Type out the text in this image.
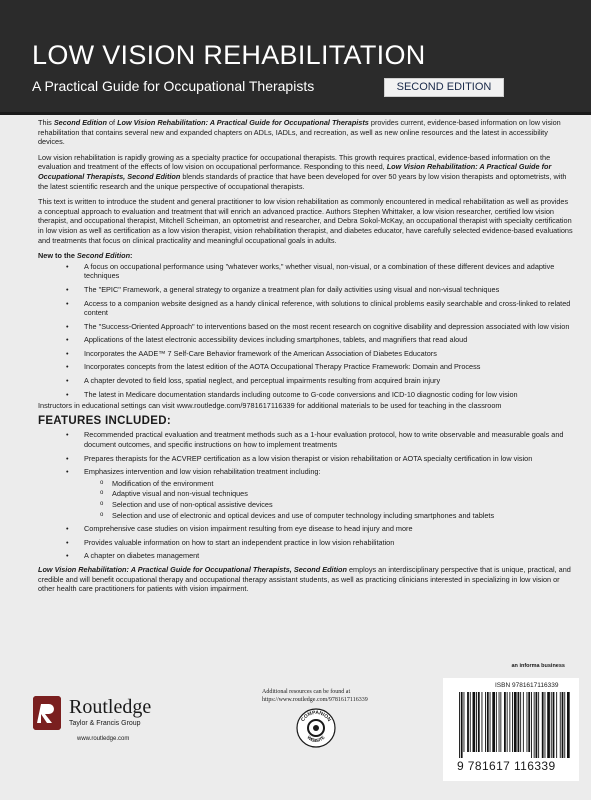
LOW VISION REHABILITATION
A Practical Guide for Occupational Therapists	SECOND EDITION

This Second Edition of Low Vision Rehabilitation: A Practical Guide for Occupational Therapists provides current, evidence-based information on low vision rehabilitation that contains several new and expanded chapters on ADLs, IADLs, and recreation, as well as new online resources and the latest in accessibility devices.

Low vision rehabilitation is rapidly growing as a specialty practice for occupational therapists. This growth requires practical, evidence-based information on the evaluation and treatment of the effects of low vision on occupational performance. Responding to this need, Low Vision Rehabilitation: A Practical Guide for Occupational Therapists, Second Edition blends standards of practice that have been developed for over 50 years by low vision therapists and optometrists, with the latest scientific research and the unique perspective of occupational therapists.

This text is written to introduce the student and general practitioner to low vision rehabilitation as commonly encountered in medical rehabilitation as well as provides a conceptual approach to evaluation and treatment that will enrich an advanced practice. Authors Stephen Whittaker, a low vision researcher, certified low vision therapist, and occupational therapist, Mitchell Scheiman, an optometrist and researcher, and Debra Sokol-McKay, an occupational therapist with specialty certification in low vision as well as certification as a low vision therapist, vision rehabilitation therapist, and diabetes educator, have carefully selected evidence-based evaluations and treatments that focus on clinical practicality and meaningful occupational goals in adults.

New to the Second Edition:
• A focus on occupational performance using "whatever works," whether visual, non-visual, or a combination of these different devices and adaptive techniques
• The "EPIC" Framework, a general strategy to organize a treatment plan for daily activities using visual and non-visual techniques
• Access to a companion website designed as a handy clinical reference, with solutions to clinical problems easily searchable and cross-linked to related content
• The "Success-Oriented Approach" to interventions based on the most recent research on cognitive disability and depression associated with low vision
• Applications of the latest electronic accessibility devices including smartphones, tablets, and magnifiers that read aloud
• Incorporates the AADE™ 7 Self-Care Behavior framework of the American Association of Diabetes Educators
• Incorporates concepts from the latest edition of the AOTA Occupational Therapy Practice Framework: Domain and Process
• A chapter devoted to field loss, spatial neglect, and perceptual impairments resulting from acquired brain injury
• The latest in Medicare documentation standards including outcome to G-code conversions and ICD-10 diagnostic coding for low vision

Instructors in educational settings can visit www.routledge.com/9781617116339 for additional materials to be used for teaching in the classroom

FEATURES INCLUDED:
• Recommended practical evaluation and treatment methods such as a 1-hour evaluation protocol, how to write observable and measurable goals and document outcomes, and specific instructions on how to implement treatments
• Prepares therapists for the ACVREP certification as a low vision therapist or vision rehabilitation or AOTA specialty certification in low vision
• Emphasizes intervention and low vision rehabilitation treatment including:
o Modification of the environment
o Adaptive visual and non-visual techniques
o Selection and use of non-optical assistive devices
o Selection and use of electronic and optical devices and use of computer technology including smartphones and tablets
• Comprehensive case studies on vision impairment resulting from eye disease to head injury and more
• Provides valuable information on how to start an independent practice in low vision rehabilitation
• A chapter on diabetes management

Low Vision Rehabilitation: A Practical Guide for Occupational Therapists, Second Edition employs an interdisciplinary perspective that is unique, practical, and credible and will benefit occupational therapy and occupational therapy assistant students, as well as practicing clinicians interested in specializing in low vision or other health care practitioners for patients with vision impairment.

an informa business
Routledge
Taylor & Francis Group
www.routledge.com
Additional resources can be found at
https://www.routledge.com/9781617116339
COMPANION
WEBSITE
ISBN 9781617116339
9 781617 116339
